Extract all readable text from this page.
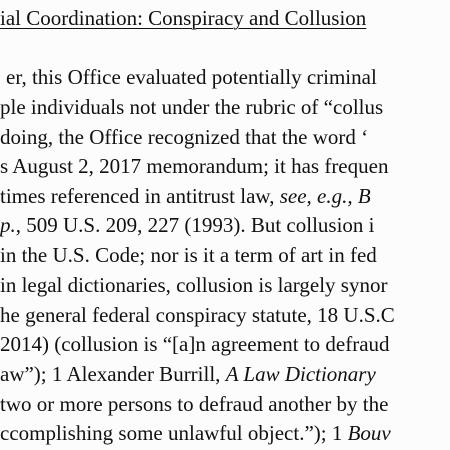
ial Coordination: Conspiracy and Collusion
er, this Office evaluated potentially criminal
ple individuals not under the rubric of “collus
doing, the Office recognized that the word ‘
s August 2, 2017 memorandum; it has frequen
times referenced in antitrust law, see, e.g., B
p., 509 U.S. 209, 227 (1993). But collusion i
in the U.S. Code; nor is it a term of art in fed
in legal dictionaries, collusion is largely synor
he general federal conspiracy statute, 18 U.S.C
2014) (collusion is “[a]n agreement to defraud
aw”); 1 Alexander Burrill, A Law Dictionary
two or more persons to defraud another by the
ccomplishing some unlawful object.”); 1 Bouv
